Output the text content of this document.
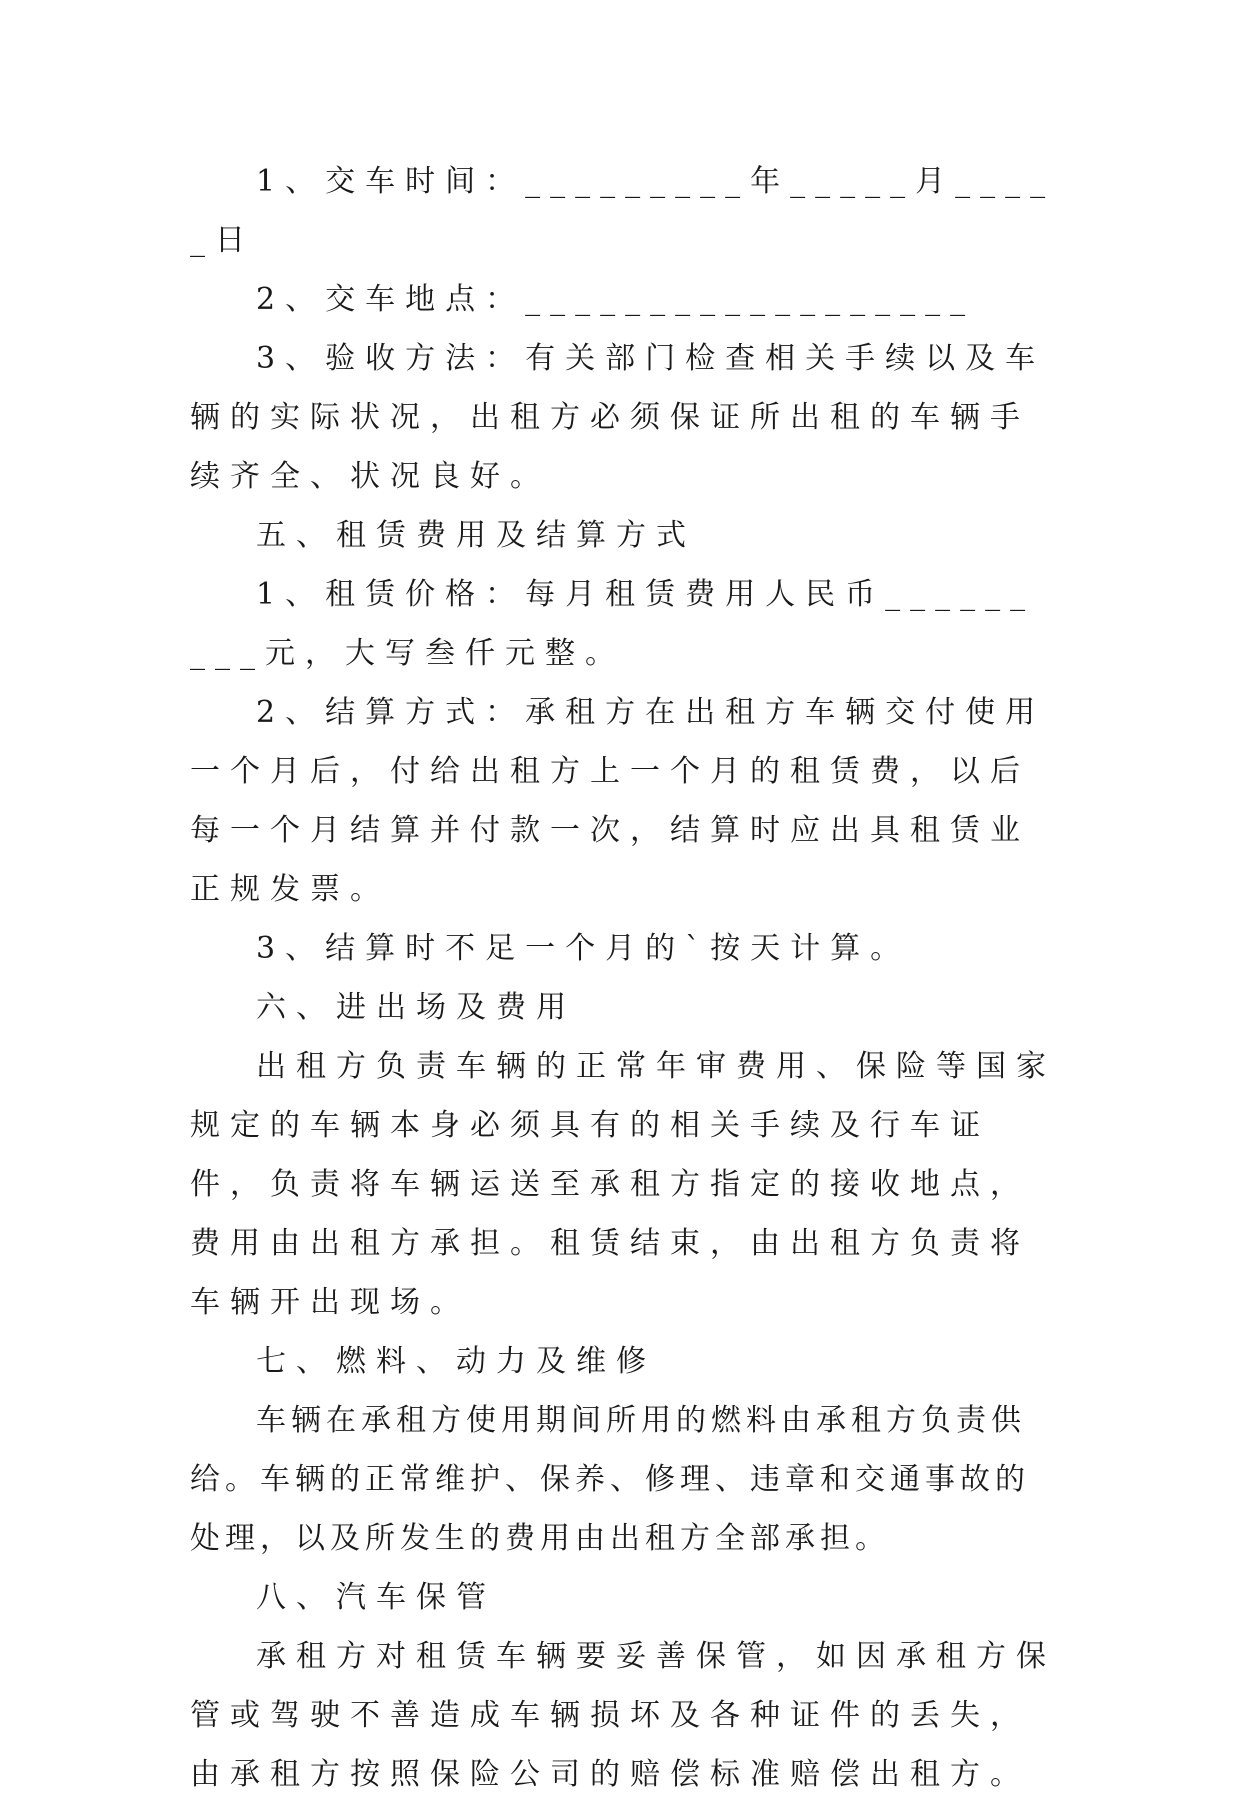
1、交车时间：_________年_____月_____日

2、交车地点：__________________

3、验收方法：有关部门检查相关手续以及车辆的实际状况，出租方必须保证所出租的车辆手续齐全、状况良好。

五、租赁费用及结算方式

1、租赁价格：每月租赁费用人民币_________元，大写叁仟元整。

2、结算方式：承租方在出租方车辆交付使用一个月后，付给出租方上一个月的租赁费，以后每一个月结算并付款一次，结算时应出具租赁业正规发票。

3、结算时不足一个月的`按天计算。

六、进出场及费用

出租方负责车辆的正常年审费用、保险等国家规定的车辆本身必须具有的相关手续及行车证件，负责将车辆运送至承租方指定的接收地点，费用由出租方承担。租赁结束，由出租方负责将车辆开出现场。

七、燃料、动力及维修

车辆在承租方使用期间所用的燃料由承租方负责供给。车辆的正常维护、保养、修理、违章和交通事故的处理，以及所发生的费用由出租方全部承担。

八、汽车保管

承租方对租赁车辆要妥善保管，如因承租方保管或驾驶不善造成车辆损坏及各种证件的丢失，由承租方按照保险公司的赔偿标准赔偿出租方。
